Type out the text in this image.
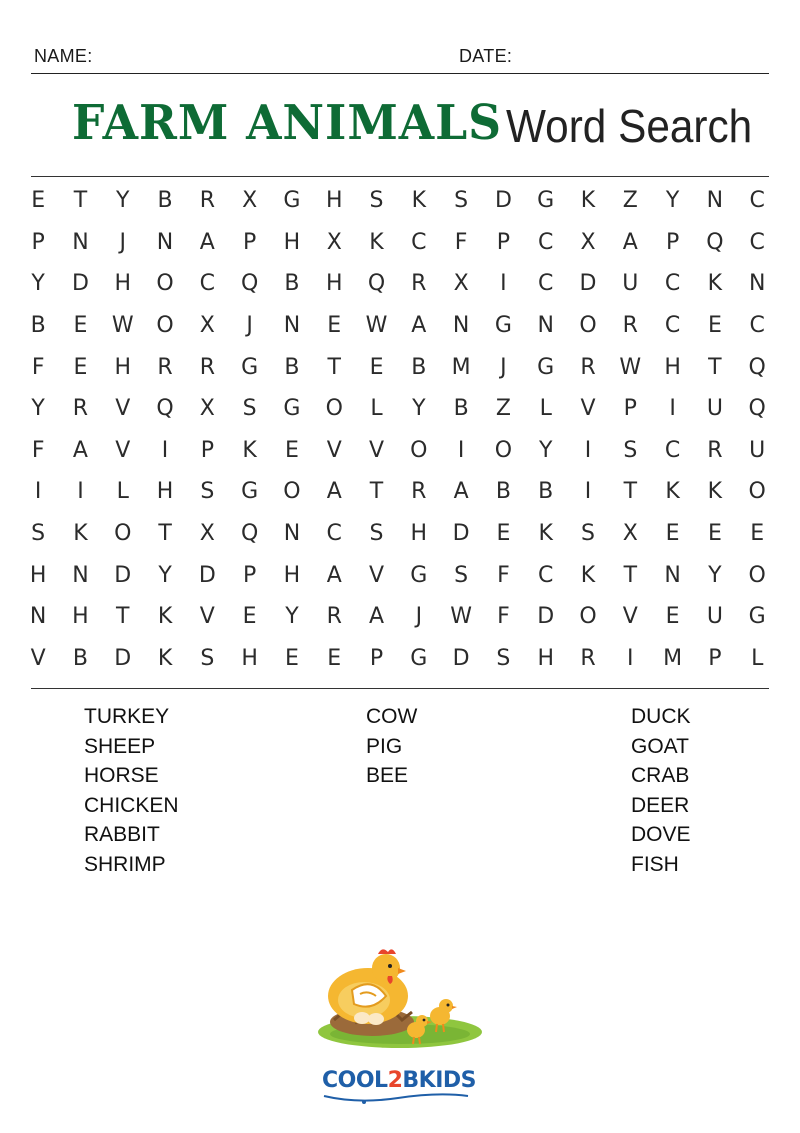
NAME:	DATE:
FARM ANIMALS Word Search
E	T	Y	B	R	X	G	H	S	K	S	D	G	K	Z	Y	N	C
P	N	J	N	A	P	H	X	K	C	F	P	C	X	A	P	Q	C
Y	D	H	O	C	Q	B	H	Q	R	X	I	C	D	U	C	K	N
B	E	W	O	X	J	N	E	W	A	N	G	N	O	R	C	E	C
F	E	H	R	R	G	B	T	E	B	M	J	G	R	W	H	T	Q
Y	R	V	Q	X	S	G	O	L	Y	B	Z	L	V	P	I	U	Q
F	A	V	I	P	K	E	V	V	O	I	O	Y	I	S	C	R	U
I	I	L	H	S	G	O	A	T	R	A	B	B	I	T	K	K	O
S	K	O	T	X	Q	N	C	S	H	D	E	K	S	X	E	E	E
H	N	D	Y	D	P	H	A	V	G	S	F	C	K	T	N	Y	O
N	H	T	K	V	E	Y	R	A	J	W	F	D	O	V	E	U	G
V	B	D	K	S	H	E	E	P	G	D	S	H	R	I	M	P	L
TURKEY
SHEEP
HORSE
CHICKEN
RABBIT
SHRIMP
COW
PIG
BEE
DUCK
GOAT
CRAB
DEER
DOVE
FISH
COOL2BKIDS
